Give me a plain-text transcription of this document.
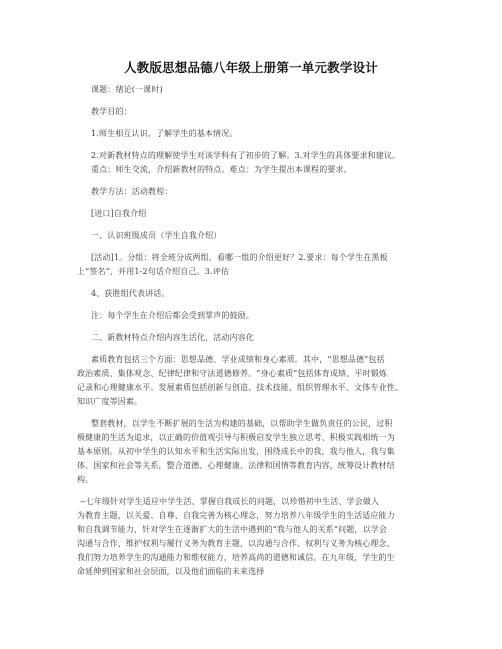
人教版思想品德八年级上册第一单元教学设计
课题：绪论(一课时)
教学目的：
1.师生相互认识，了解学生的基本情况。
2.对新教材特点的理解使学生对该学科有了初步的了解。3.对学生的具体要求和建议。
重点：师生交流，介绍新教材的特点。难点：为学生提出本课程的要求。
教学方法：活动教程：
[进口]自我介绍
一、认识班级成员（学生自我介绍）
[活动]1。分组：将全班分成两组，看哪一组的介绍更好？2.要求：每个学生在黑板
上“签名”，并用1-2句话介绍自己。3.评估
4、获胜组代表讲话。
注：每个学生在介绍后都会受到掌声的鼓励。
二、新教材特点介绍内容生活化，活动内容化
素质教育包括三个方面：思想品德、学业成绩和身心素质。其中，“思想品德”包括
政治素质、集体观念、纪律纪律和守法道德修养。“身心素质”包括体育成绩、平时锻炼
记录和心理健康水平。发展素质包括创新与创造、技术技能、组织管理水平、文体专业性、
知识广度等因素。
整套教材，以学生不断扩展的生活为构建的基础，以帮助学生做负责任的公民，过积
极健康的生活为追求，以正确的价值观引导与积极启发学生独立思考、积极实践相统一为
基本原则。从初中学生的认知水平和生活实际出发，围绕成长中的我，我与他人，我与集
体、国家和社会等关系，整合道德、心理健康、法律和国情等教育内容，统筹设计教材结
构。
--七年级针对学生适应中学生活、掌握自我成长的问题，以珍惜初中生活、学会做人
为教育主题，以关爱、自尊、自我完善为核心理念，努力培养八年级学生的生活适应能力
和自我调节能力，针对学生在逐渐扩大的生活中遇到的“我与他人的关系”问题，以学会
沟通与合作、维护权利与履行义务为教育主题，以沟通与合作、权利与义务为核心理念，
我们努力培养学生的沟通能力和维权能力，培养高尚的道德和诚信。在九年级，学生的生
命延伸到国家和社会层面，以及他们面临的未来选择
